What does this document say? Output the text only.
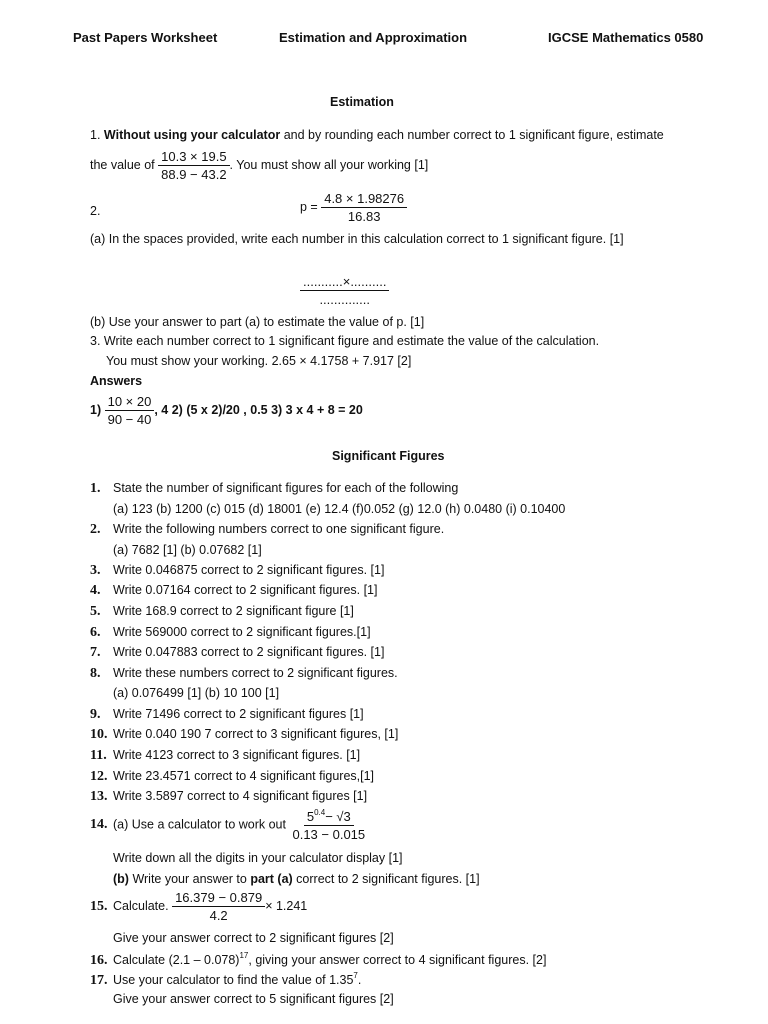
Past Papers Worksheet	Estimation and Approximation	IGCSE Mathematics 0580
Estimation
1. Without using your calculator and by rounding each number correct to 1 significant figure, estimate
the value of $\frac{10.3 \times 19.5}{88.9 - 43.2}$ . You must show all your working [1]
2.	$p = \frac{4.8 \times 1.98276}{16.83}$
(a) In the spaces provided, write each number in this calculation correct to 1 significant figure. [1]
$\frac{...........\times..........}{..............}$
(b) Use your answer to part (a) to estimate the value of p. [1]
3. Write each number correct to 1 significant figure and estimate the value of the calculation.
You must show your working. 2.65 × 4.1758 + 7.917 [2]
Answers
$1) \frac{10 \times 20}{90 - 40}$ , 4 2) (5 x 2)/20 , 0.5 3) 3 x 4 + 8 = 20
Significant Figures
1. State the number of significant figures for each of the following
(a) 123 (b) 1200 (c) 015 (d) 18001 (e) 12.4 (f)0.052 (g) 12.0 (h) 0.0480 (i) 0.10400
2. Write the following numbers correct to one significant figure.
(a) 7682 [1] (b) 0.07682 [1]
3. Write 0.046875 correct to 2 significant figures. [1]
4. Write 0.07164 correct to 2 significant figures. [1]
5. Write 168.9 correct to 2 significant figure [1]
6. Write 569000 correct to 2 significant figures.[1]
7. Write 0.047883 correct to 2 significant figures. [1]
8. Write these numbers correct to 2 significant figures.
(a) 0.076499 [1] (b) 10 100 [1]
9. Write 71496 correct to 2 significant figures [1]
10. Write 0.040 190 7 correct to 3 significant figures, [1]
11. Write 4123 correct to 3 significant figures. [1]
12. Write 23.4571 correct to 4 significant figures,[1]
13. Write 3.5897 correct to 4 significant figures [1]
14. (a) Use a calculator to work out $\frac{5^{0.4}- √3}{0.13 - 0.015}$
Write down all the digits in your calculator display [1]
(b) Write your answer to part (a) correct to 2 significant figures. [1]
15. Calculate. $\frac{16.379 - 0.879}{4.2} \times 1.241$
Give your answer correct to 2 significant figures [2]
16. Calculate (2.1 – 0.078)$^{17}$, giving your answer correct to 4 significant figures. [2]
17. Use your calculator to find the value of 1.35$^7$.
Give your answer correct to 5 significant figures [2]
